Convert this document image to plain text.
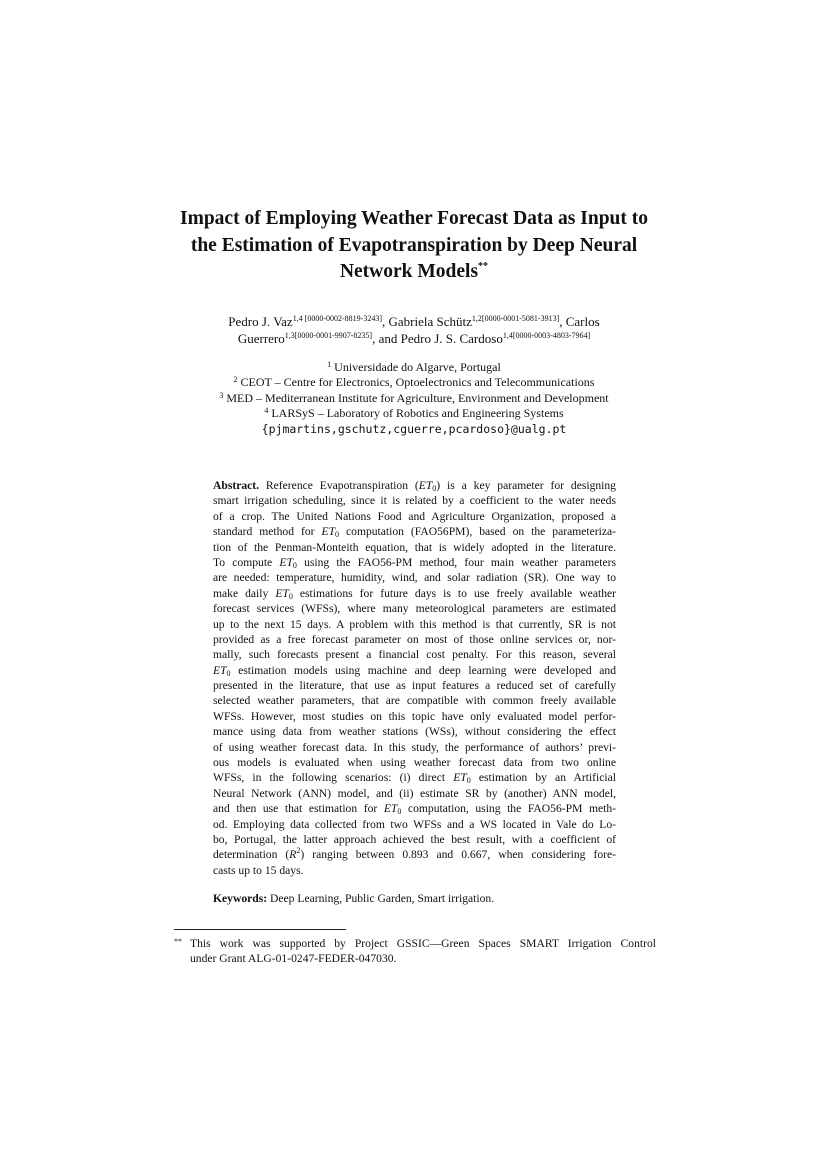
Impact of Employing Weather Forecast Data as Input to
the Estimation of Evapotranspiration by Deep Neural
Network Models**
Pedro J. Vaz$^{1,4 [0000-0002-8819-3243]}$, Gabriela Schütz$^{1,2[0000-0001-5081-3913]}$, Carlos
Guerrero$^{1,3[0000-0001-9907-8235]}$, and Pedro J. S. Cardoso$^{1,4[0000-0003-4803-7964]}$
$^1$ Universidade do Algarve, Portugal
$^2$ CEOT – Centre for Electronics, Optoelectronics and Telecommunications
$^3$ MED – Mediterranean Institute for Agriculture, Environment and Development
$^4$ LARSyS – Laboratory of Robotics and Engineering Systems
{pjmartins,gschutz,cguerre,pcardoso}@ualg.pt
Abstract. Reference Evapotranspiration $(ET_0)$ is a key parameter for designing
smart irrigation scheduling, since it is related by a coefficient to the water needs
of a crop. The United Nations Food and Agriculture Organization, proposed a
standard method for $ET_0$ computation (FAO56PM), based on the parameteriza-
tion of the Penman-Monteith equation, that is widely adopted in the literature.
To compute $ET_0$ using the FAO56-PM method, four main weather parameters
are needed: temperature, humidity, wind, and solar radiation (SR). One way to
make daily $ET_0$ estimations for future days is to use freely available weather
forecast services (WFSs), where many meteorological parameters are estimated
up to the next 15 days. A problem with this method is that currently, SR is not
provided as a free forecast parameter on most of those online services or, nor-
mally, such forecasts present a financial cost penalty. For this reason, several
$ET_0$ estimation models using machine and deep learning were developed and
presented in the literature, that use as input features a reduced set of carefully
selected weather parameters, that are compatible with common freely available
WFSs. However, most studies on this topic have only evaluated model perfor-
mance using data from weather stations (WSs), without considering the effect
of using weather forecast data. In this study, the performance of authors’ previ-
ous models is evaluated when using weather forecast data from two online
WFSs, in the following scenarios: (i) direct $ET_0$ estimation by an Artificial
Neural Network (ANN) model, and (ii) estimate SR by (another) ANN model,
and then use that estimation for $ET_0$ computation, using the FAO56-PM meth-
od. Employing data collected from two WFSs and a WS located in Vale do Lo-
bo, Portugal, the latter approach achieved the best result, with a coefficient of
determination $(R^2)$ ranging between 0.893 and 0.667, when considering fore-
casts up to 15 days.
Keywords: Deep Learning, Public Garden, Smart irrigation.
** This work was supported by Project GSSIC—Green Spaces SMART Irrigation Control
under Grant ALG-01-0247-FEDER-047030.
